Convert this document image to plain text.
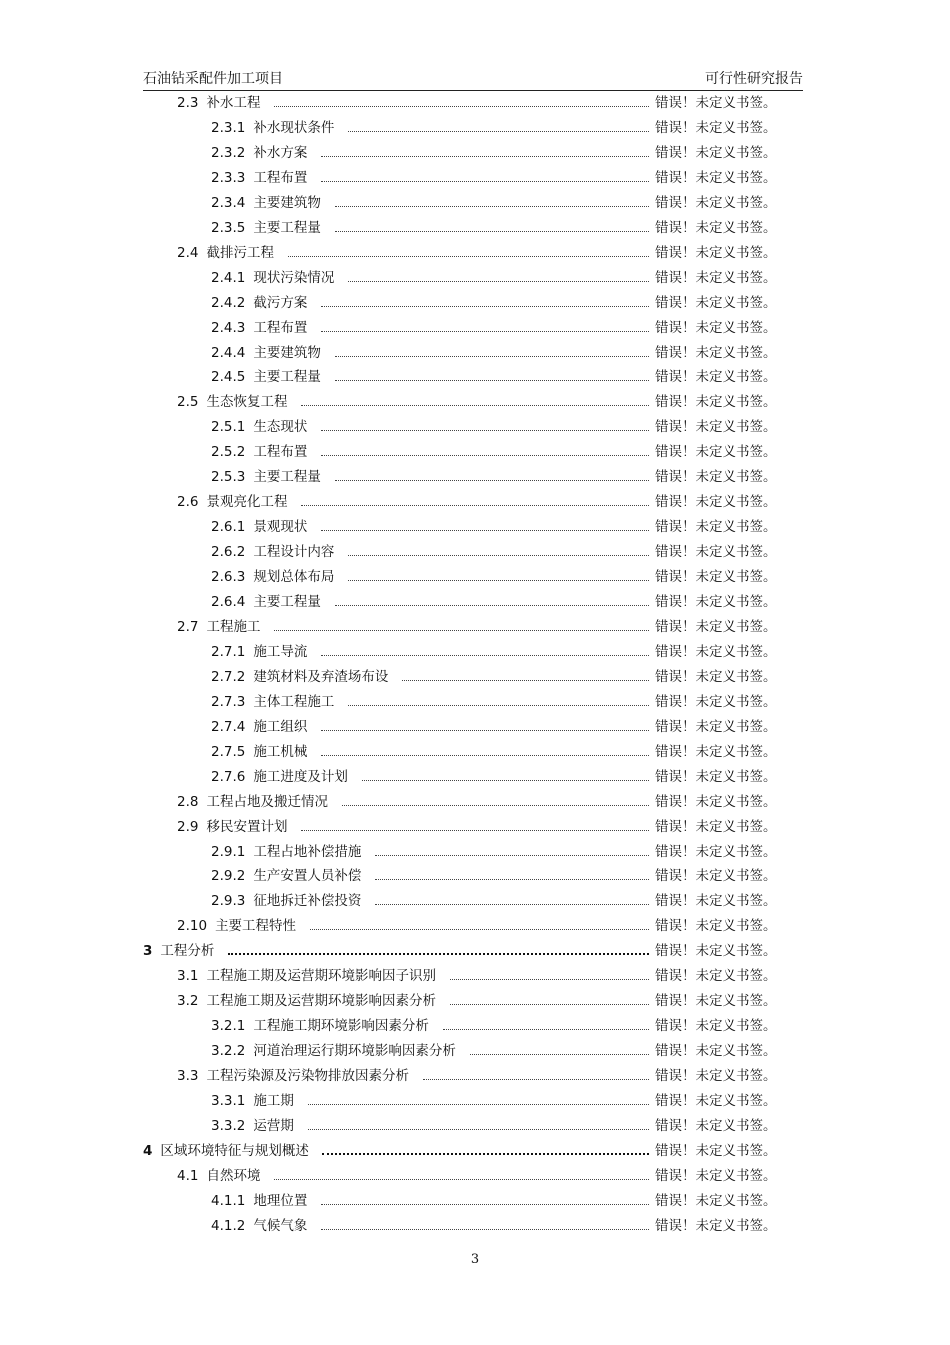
石油钻采配件加工项目	可行性研究报告
2.3 补水工程	错误！未定义书签。
2.3.1 补水现状条件	错误！未定义书签。
2.3.2 补水方案	错误！未定义书签。
2.3.3 工程布置	错误！未定义书签。
2.3.4 主要建筑物	错误！未定义书签。
2.3.5 主要工程量	错误！未定义书签。
2.4 截排污工程	错误！未定义书签。
2.4.1 现状污染情况	错误！未定义书签。
2.4.2 截污方案	错误！未定义书签。
2.4.3 工程布置	错误！未定义书签。
2.4.4 主要建筑物	错误！未定义书签。
2.4.5 主要工程量	错误！未定义书签。
2.5 生态恢复工程	错误！未定义书签。
2.5.1 生态现状	错误！未定义书签。
2.5.2 工程布置	错误！未定义书签。
2.5.3 主要工程量	错误！未定义书签。
2.6 景观亮化工程	错误！未定义书签。
2.6.1 景观现状	错误！未定义书签。
2.6.2 工程设计内容	错误！未定义书签。
2.6.3 规划总体布局	错误！未定义书签。
2.6.4 主要工程量	错误！未定义书签。
2.7 工程施工	错误！未定义书签。
2.7.1 施工导流	错误！未定义书签。
2.7.2 建筑材料及弃渣场布设	错误！未定义书签。
2.7.3 主体工程施工	错误！未定义书签。
2.7.4 施工组织	错误！未定义书签。
2.7.5 施工机械	错误！未定义书签。
2.7.6 施工进度及计划	错误！未定义书签。
2.8 工程占地及搬迁情况	错误！未定义书签。
2.9 移民安置计划	错误！未定义书签。
2.9.1 工程占地补偿措施	错误！未定义书签。
2.9.2 生产安置人员补偿	错误！未定义书签。
2.9.3 征地拆迁补偿投资	错误！未定义书签。
2.10 主要工程特性	错误！未定义书签。
3 工程分析	错误！未定义书签。
3.1 工程施工期及运营期环境影响因子识别	错误！未定义书签。
3.2 工程施工期及运营期环境影响因素分析	错误！未定义书签。
3.2.1 工程施工期环境影响因素分析	错误！未定义书签。
3.2.2 河道治理运行期环境影响因素分析	错误！未定义书签。
3.3 工程污染源及污染物排放因素分析	错误！未定义书签。
3.3.1 施工期	错误！未定义书签。
3.3.2 运营期	错误！未定义书签。
4 区域环境特征与规划概述	错误！未定义书签。
4.1 自然环境	错误！未定义书签。
4.1.1 地理位置	错误！未定义书签。
4.1.2 气候气象	错误！未定义书签。
3
